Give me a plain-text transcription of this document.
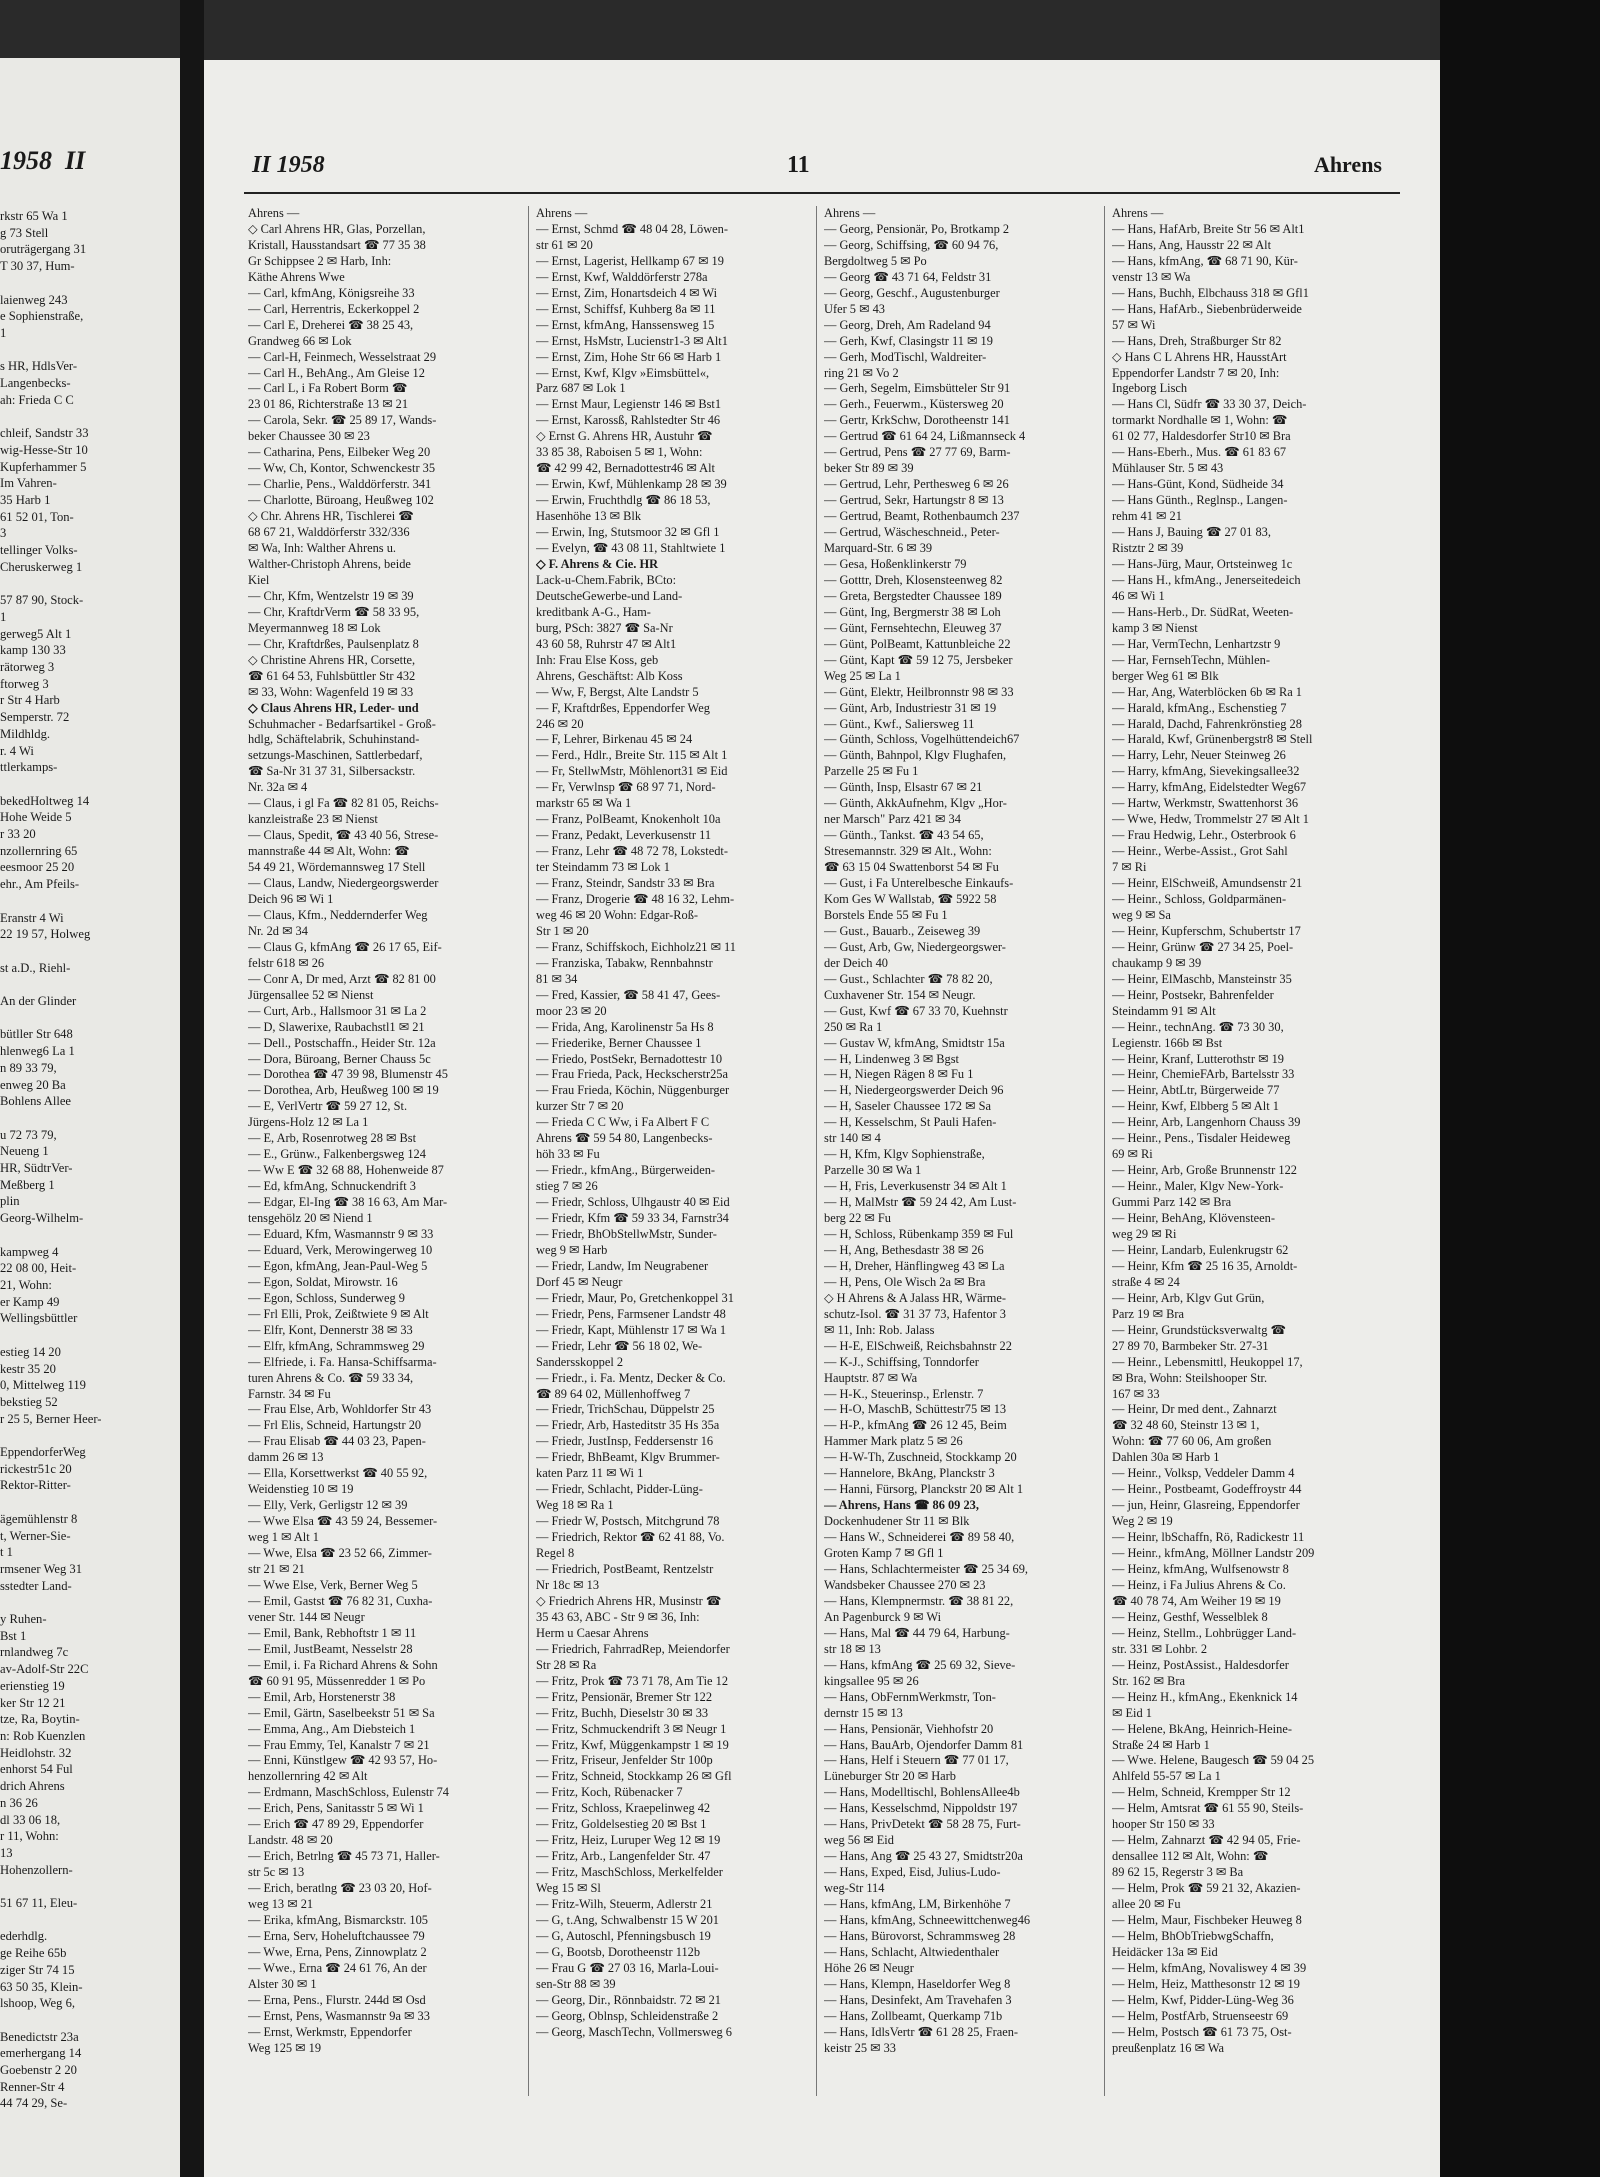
1958  II
rkstr 65 Wa 1
g 73 Stell
oruträgergang 31
T 30 37, Hum-

laienweg 243
e Sophienstraße,
1

s HR, HdlsVer-
Langenbecks-
ah: Frieda C C

chleif, Sandstr 33
wig-Hesse-Str 10
Kupferhammer 5
Im Vahren-
35 Harb 1
61 52 01, Ton-
3
tellinger Volks-
Cheruskerweg 1

57 87 90, Stock-
1
gerweg5 Alt 1
kamp 130 33
rätorweg 3
ftorweg 3
r Str 4 Harb
Semperstr. 72
Mildhldg.
r. 4 Wi
ttlerkamps-

bekedHoltweg 14
Hohe Weide 5
r 33 20
nzollernring 65
eesmoor 25 20
ehr., Am Pfeils-

Eranstr 4 Wi
22 19 57, Holweg

st a.D., Riehl-

An der Glinder

bütller Str 648
hlenweg6 La 1
n 89 33 79,
enweg 20 Ba
Bohlens Allee

u 72 73 79,
Neueng 1
HR, SüdtrVer-
Meßberg 1
plin
Georg-Wilhelm-

kampweg 4
22 08 00, Heit-
21, Wohn:
er Kamp 49
Wellingsbüttler

estieg 14 20
kestr 35 20
0, Mittelweg 119
bekstieg 52
r 25 5, Berner Heer-

EppendorferWeg
rickestr51c 20
Rektor-Ritter-

ägemühlenstr 8
t, Werner-Sie-
t 1
rmsener Weg 31
sstedter Land-

y Ruhen-
Bst 1
rnlandweg 7c
av-Adolf-Str 22C
erienstieg 19
ker Str 12 21
tze, Ra, Boytin-
n: Rob Kuenzlen
Heidlohstr. 32
enhorst 54 Ful
drich Ahrens
n 36 26
dl 33 06 18,
r 11, Wohn:
13
Hohenzollern-

51 67 11, Eleu-

ederhdlg.
ge Reihe 65b
ziger Str 74 15
63 50 35, Klein-
lshoop, Weg 6,

Benedictstr 23a
emerhergang 14
Goebenstr 2 20
Renner-Str 4
44 74 29, Se-
II 1958	11	Ahrens
Ahrens —
◇ Carl Ahrens HR, Glas, Porzellan,
Kristall, Hausstandsart ☎ 77 35 38
Gr Schippsee 2 ✉ Harb, Inh:
Käthe Ahrens Wwe
— Carl, kfmAng, Königsreihe 33
— Carl, Herrentris, Eckerkoppel 2
— Carl E, Dreherei ☎ 38 25 43,
Grandweg 66 ✉ Lok
— Carl-H, Feinmech, Wesselstraat 29
— Carl H., BehAng., Am Gleise 12
— Carl L, i Fa Robert Borm ☎
23 01 86, Richterstraße 13 ✉ 21
— Carola, Sekr. ☎ 25 89 17, Wands-
beker Chaussee 30 ✉ 23
— Catharina, Pens, Eilbeker Weg 20
— Ww, Ch, Kontor, Schwenckestr 35
— Charlie, Pens., Walddörferstr. 341
— Charlotte, Büroang, Heußweg 102
◇ Chr. Ahrens HR, Tischlerei ☎
68 67 21, Walddörferstr 332/336
✉ Wa, Inh: Walther Ahrens u.
Walther-Christoph Ahrens, beide
Kiel
— Chr, Kfm, Wentzelstr 19 ✉ 39
— Chr, KraftdrVerm ☎ 58 33 95,
Meyermannweg 18 ✉ Lok
— Chr, Kraftdrßes, Paulsenplatz 8
◇ Christine Ahrens HR, Corsette,
☎ 61 64 53, Fuhlsbüttler Str 432
✉ 33, Wohn: Wagenfeld 19 ✉ 33
◇ Claus Ahrens HR, Leder- und
Schuhmacher - Bedarfsartikel - Groß-
hdlg, Schäftelabrik, Schuhinstand-
setzungs-Maschinen, Sattlerbedarf,
☎ Sa-Nr 31 37 31, Silbersackstr.
Nr. 32a ✉ 4
— Claus, i gl Fa ☎ 82 81 05, Reichs-
kanzleistraße 23 ✉ Nienst
— Claus, Spedit, ☎ 43 40 56, Strese-
mannstraße 44 ✉ Alt, Wohn: ☎
54 49 21, Wördemannsweg 17 Stell
— Claus, Landw, Niedergeorgswerder
Deich 96 ✉ Wi 1
— Claus, Kfm., Neddernderfer Weg
Nr. 2d ✉ 34
— Claus G, kfmAng ☎ 26 17 65, Eif-
felstr 618 ✉ 26
— Conr A, Dr med, Arzt ☎ 82 81 00
Jürgensallee 52 ✉ Nienst
— Curt, Arb., Hallsmoor 31 ✉ La 2
— D, Slawerixe, Raubachstl1 ✉ 21
— Dell., Postschaffn., Heider Str. 12a
— Dora, Büroang, Berner Chauss 5c
— Dorothea ☎ 47 39 98, Blumenstr 45
— Dorothea, Arb, Heußweg 100 ✉ 19
— E, VerlVertr ☎ 59 27 12, St.
Jürgens-Holz 12 ✉ La 1
— E, Arb, Rosenrotweg 28 ✉ Bst
— E., Grünw., Falkenbergsweg 124
— Ww E ☎ 32 68 88, Hohenweide 87
— Ed, kfmAng, Schnuckendrift 3
— Edgar, El-Ing ☎ 38 16 63, Am Mar-
tensgehölz 20 ✉ Niend 1
— Eduard, Kfm, Wasmannstr 9 ✉ 33
— Eduard, Verk, Merowingerweg 10
— Egon, kfmAng, Jean-Paul-Weg 5
— Egon, Soldat, Mirowstr. 16
— Egon, Schloss, Sunderweg 9
— Frl Elli, Prok, Zeißtwiete 9 ✉ Alt
— Elfr, Kont, Dennerstr 38 ✉ 33
— Elfr, kfmAng, Schrammsweg 29
— Elfriede, i. Fa. Hansa-Schiffsarma-
turen Ahrens & Co. ☎ 59 33 34,
Farnstr. 34 ✉ Fu
— Frau Else, Arb, Wohldorfer Str 43
— Frl Elis, Schneid, Hartungstr 20
— Frau Elisab ☎ 44 03 23, Papen-
damm 26 ✉ 13
— Ella, Korsettwerkst ☎ 40 55 92,
Weidenstieg 10 ✉ 19
— Elly, Verk, Gerligstr 12 ✉ 39
— Wwe Elsa ☎ 43 59 24, Bessemer-
weg 1 ✉ Alt 1
— Wwe, Elsa ☎ 23 52 66, Zimmer-
str 21 ✉ 21
— Wwe Else, Verk, Berner Weg 5
— Emil, Gastst ☎ 76 82 31, Cuxha-
vener Str. 144 ✉ Neugr
— Emil, Bank, Rebhoftstr 1 ✉ 11
— Emil, JustBeamt, Nesselstr 28
— Emil, i. Fa Richard Ahrens & Sohn
☎ 60 91 95, Müssenredder 1 ✉ Po
— Emil, Arb, Horstenerstr 38
— Emil, Gärtn, Saselbeekstr 51 ✉ Sa
— Emma, Ang., Am Diebsteich 1
— Frau Emmy, Tel, Kanalstr 7 ✉ 21
— Enni, Künstlgew ☎ 42 93 57, Ho-
henzollernring 42 ✉ Alt
— Erdmann, MaschSchloss, Eulenstr 74
— Erich, Pens, Sanitasstr 5 ✉ Wi 1
— Erich ☎ 47 89 29, Eppendorfer
Landstr. 48 ✉ 20
— Erich, Betrlng ☎ 45 73 71, Haller-
str 5c ✉ 13
— Erich, beratlng ☎ 23 03 20, Hof-
weg 13 ✉ 21
— Erika, kfmAng, Bismarckstr. 105
— Erna, Serv, Hoheluftchaussee 79
— Wwe, Erna, Pens, Zinnowplatz 2
— Wwe., Erna ☎ 24 61 76, An der
Alster 30 ✉ 1
— Erna, Pens., Flurstr. 244d ✉ Osd
— Ernst, Pens, Wasmannstr 9a ✉ 33
— Ernst, Werkmstr, Eppendorfer
Weg 125 ✉ 19
Ahrens —
— Ernst, Schmd ☎ 48 04 28, Löwen-
str 61 ✉ 20
— Ernst, Lagerist, Hellkamp 67 ✉ 19
— Ernst, Kwf, Walddörferstr 278a
— Ernst, Zim, Honartsdeich 4 ✉ Wi
— Ernst, Schiffsf, Kuhberg 8a ✉ 11
— Ernst, kfmAng, Hanssensweg 15
— Ernst, HsMstr, Lucienstr1-3 ✉ Alt1
— Ernst, Zim, Hohe Str 66 ✉ Harb 1
— Ernst, Kwf, Klgv »Eimsbüttel«,
Parz 687 ✉ Lok 1
— Ernst Maur, Legienstr 146 ✉ Bst1
— Ernst, Karossß, Rahlstedter Str 46
◇ Ernst G. Ahrens HR, Austuhr ☎
33 85 38, Raboisen 5 ✉ 1, Wohn:
☎ 42 99 42, Bernadottestr46 ✉ Alt
— Erwin, Kwf, Mühlenkamp 28 ✉ 39
— Erwin, Fruchthdlg ☎ 86 18 53,
Hasenhöhe 13 ✉ Blk
— Erwin, Ing, Stutsmoor 32 ✉ Gfl 1
— Evelyn, ☎ 43 08 11, Stahltwiete 1
◇ F. Ahrens & Cie. HR
Lack-u-Chem.Fabrik, BCto:
DeutscheGewerbe-und Land-
kreditbank A-G., Ham-
burg, PSch: 3827 ☎ Sa-Nr
43 60 58, Ruhrstr 47 ✉ Alt1
Inh: Frau Else Koss, geb
Ahrens, Geschäftst: Alb Koss
— Ww, F, Bergst, Alte Landstr 5
— F, Kraftdrßes, Eppendorfer Weg
246 ✉ 20
— F, Lehrer, Birkenau 45 ✉ 24
— Ferd., Hdlr., Breite Str. 115 ✉ Alt 1
— Fr, StellwMstr, Möhlenort31 ✉ Eid
— Fr, Verwlnsp ☎ 68 97 71, Nord-
markstr 65 ✉ Wa 1
— Franz, PolBeamt, Knokenholt 10a
— Franz, Pedakt, Leverkusenstr 11
— Franz, Lehr ☎ 48 72 78, Lokstedt-
ter Steindamm 73 ✉ Lok 1
— Franz, Steindr, Sandstr 33 ✉ Bra
— Franz, Drogerie ☎ 48 16 32, Lehm-
weg 46 ✉ 20 Wohn: Edgar-Roß-
Str 1 ✉ 20
— Franz, Schiffskoch, Eichholz21 ✉ 11
— Franziska, Tabakw, Rennbahnstr
81 ✉ 34
— Fred, Kassier, ☎ 58 41 47, Gees-
moor 23 ✉ 20
— Frida, Ang, Karolinenstr 5a Hs 8
— Friederike, Berner Chaussee 1
— Friedo, PostSekr, Bernadottestr 10
— Frau Frieda, Pack, Heckscherstr25a
— Frau Frieda, Köchin, Nüggenburger
kurzer Str 7 ✉ 20
— Frieda C C Ww, i Fa Albert F C
Ahrens ☎ 59 54 80, Langenbecks-
höh 33 ✉ Fu
— Friedr., kfmAng., Bürgerweiden-
stieg 7 ✉ 26
— Friedr, Schloss, Ulhgaustr 40 ✉ Eid
— Friedr, Kfm ☎ 59 33 34, Farnstr34
— Friedr, BhObStellwMstr, Sunder-
weg 9 ✉ Harb
— Friedr, Landw, Im Neugrabener
Dorf 45 ✉ Neugr
— Friedr, Maur, Po, Gretchenkoppel 31
— Friedr, Pens, Farmsener Landstr 48
— Friedr, Kapt, Mühlenstr 17 ✉ Wa 1
— Friedr, Lehr ☎ 56 18 02, We-
Sandersskoppel 2
— Friedr., i. Fa. Mentz, Decker & Co.
☎ 89 64 02, Müllenhoffweg 7
— Friedr, TrichSchau, Düppelstr 25
— Friedr, Arb, Hasteditstr 35 Hs 35a
— Friedr, JustInsp, Feddersenstr 16
— Friedr, BhBeamt, Klgv Brummer-
katen Parz 11 ✉ Wi 1
— Friedr, Schlacht, Pidder-Lüng-
Weg 18 ✉ Ra 1
— Friedr W, Postsch, Mitchgrund 78
— Friedrich, Rektor ☎ 62 41 88, Vo.
Regel 8
— Friedrich, PostBeamt, Rentzelstr
Nr 18c ✉ 13
◇ Friedrich Ahrens HR, Musinstr ☎
35 43 63, ABC - Str 9 ✉ 36, Inh:
Herm u Caesar Ahrens
— Friedrich, FahrradRep, Meiendorfer
Str 28 ✉ Ra
— Fritz, Prok ☎ 73 71 78, Am Tie 12
— Fritz, Pensionär, Bremer Str 122
— Fritz, Buchh, Dieselstr 30 ✉ 33
— Fritz, Schmuckendrift 3 ✉ Neugr 1
— Fritz, Kwf, Müggenkampstr 1 ✉ 19
— Fritz, Friseur, Jenfelder Str 100p
— Fritz, Schneid, Stockkamp 26 ✉ Gfl
— Fritz, Koch, Rübenacker 7
— Fritz, Schloss, Kraepelinweg 42
— Fritz, Goldelsestieg 20 ✉ Bst 1
— Fritz, Heiz, Luruper Weg 12 ✉ 19
— Fritz, Arb., Langenfelder Str. 47
— Fritz, MaschSchloss, Merkelfelder
Weg 15 ✉ Sl
— Fritz-Wilh, Steuerm, Adlerstr 21
— G, t.Ang, Schwalbenstr 15 W 201
— G, Autoschl, Pfenningsbusch 19
— G, Bootsb, Dorotheenstr 112b
— Frau G ☎ 27 03 16, Marla-Loui-
sen-Str 88 ✉ 39
— Georg, Dir., Rönnbaidstr. 72 ✉ 21
— Georg, Oblnsp, Schleidenstraße 2
— Georg, MaschTechn, Vollmersweg 6
Ahrens —
— Georg, Pensionär, Po, Brotkamp 2
— Georg, Schiffsing, ☎ 60 94 76,
Bergdoltweg 5 ✉ Po
— Georg ☎ 43 71 64, Feldstr 31
— Georg, Geschf., Augustenburger
Ufer 5 ✉ 43
— Georg, Dreh, Am Radeland 94
— Gerh, Kwf, Clasingstr 11 ✉ 19
— Gerh, ModTischl, Waldreiter-
ring 21 ✉ Vo 2
— Gerh, Segelm, Eimsbütteler Str 91
— Gerh., Feuerwm., Küstersweg 20
— Gertr, KrkSchw, Dorotheenstr 141
— Gertrud ☎ 61 64 24, Lißmannseck 4
— Gertrud, Pens ☎ 27 77 69, Barm-
beker Str 89 ✉ 39
— Gertrud, Lehr, Perthesweg 6 ✉ 26
— Gertrud, Sekr, Hartungstr 8 ✉ 13
— Gertrud, Beamt, Rothenbaumch 237
— Gertrud, Wäscheschneid., Peter-
Marquard-Str. 6 ✉ 39
— Gesa, Hoßenklinkerstr 79
— Gotttr, Dreh, Klosensteenweg 82
— Greta, Bergstedter Chaussee 189
— Günt, Ing, Bergmerstr 38 ✉ Loh
— Günt, Fernsehtechn, Eleuweg 37
— Günt, PolBeamt, Kattunbleiche 22
— Günt, Kapt ☎ 59 12 75, Jersbeker
Weg 25 ✉ La 1
— Günt, Elektr, Heilbronnstr 98 ✉ 33
— Günt, Arb, Industriestr 31 ✉ 19
— Günt., Kwf., Saliersweg 11
— Günth, Schloss, Vogelhüttendeich67
— Günth, Bahnpol, Klgv Flughafen,
Parzelle 25 ✉ Fu 1
— Günth, Insp, Elsastr 67 ✉ 21
— Günth, AkkAufnehm, Klgv „Hor-
ner Marsch" Parz 421 ✉ 34
— Günth., Tankst. ☎ 43 54 65,
Stresemannstr. 329 ✉ Alt., Wohn:
☎ 63 15 04 Swattenborst 54 ✉ Fu
— Gust, i Fa Unterelbesche Einkaufs-
Kom Ges W Wallstab, ☎ 5922 58
Borstels Ende 55 ✉ Fu 1
— Gust., Bauarb., Zeiseweg 39
— Gust, Arb, Gw, Niedergeorgswer-
der Deich 40
— Gust., Schlachter ☎ 78 82 20,
Cuxhavener Str. 154 ✉ Neugr.
— Gust, Kwf ☎ 67 33 70, Kuehnstr
250 ✉ Ra 1
— Gustav W, kfmAng, Smidtstr 15a
— H, Lindenweg 3 ✉ Bgst
— H, Niegen Rägen 8 ✉ Fu 1
— H, Niedergeorgswerder Deich 96
— H, Saseler Chaussee 172 ✉ Sa
— H, Kesselschm, St Pauli Hafen-
str 140 ✉ 4
— H, Kfm, Klgv Sophienstraße,
Parzelle 30 ✉ Wa 1
— H, Fris, Leverkusenstr 34 ✉ Alt 1
— H, MalMstr ☎ 59 24 42, Am Lust-
berg 22 ✉ Fu
— H, Schloss, Rübenkamp 359 ✉ Ful
— H, Ang, Bethesdastr 38 ✉ 26
— H, Dreher, Hänflingweg 43 ✉ La
— H, Pens, Ole Wisch 2a ✉ Bra
◇ H Ahrens & A Jalass HR, Wärme-
schutz-Isol. ☎ 31 37 73, Hafentor 3
✉ 11, Inh: Rob. Jalass
— H-E, ElSchweiß, Reichsbahnstr 22
— K-J., Schiffsing, Tonndorfer
Hauptstr. 87 ✉ Wa
— H-K., Steuerinsp., Erlenstr. 7
— H-O, MaschB, Schüttestr75 ✉ 13
— H-P., kfmAng ☎ 26 12 45, Beim
Hammer Mark platz 5 ✉ 26
— H-W-Th, Zuschneid, Stockkamp 20
— Hannelore, BkAng, Planckstr 3
— Hanni, Fürsorg, Planckstr 20 ✉ Alt 1
— Ahrens, Hans ☎ 86 09 23,
Dockenhudener Str 11 ✉ Blk
— Hans W., Schneiderei ☎ 89 58 40,
Groten Kamp 7 ✉ Gfl 1
— Hans, Schlachtermeister ☎ 25 34 69,
Wandsbeker Chaussee 270 ✉ 23
— Hans, Klempnermstr. ☎ 38 81 22,
An Pagenburck 9 ✉ Wi
— Hans, Mal ☎ 44 79 64, Harbung-
str 18 ✉ 13
— Hans, kfmAng ☎ 25 69 32, Sieve-
kingsallee 95 ✉ 26
— Hans, ObFernmWerkmstr, Ton-
dernstr 15 ✉ 13
— Hans, Pensionär, Viehhofstr 20
— Hans, BauArb, Ojendorfer Damm 81
— Hans, Helf i Steuern ☎ 77 01 17,
Lüneburger Str 20 ✉ Harb
— Hans, Modelltischl, BohlensAllee4b
— Hans, Kesselschmd, Nippoldstr 197
— Hans, PrivDetekt ☎ 58 28 75, Furt-
weg 56 ✉ Eid
— Hans, Ang ☎ 25 43 27, Smidtstr20a
— Hans, Exped, Eisd, Julius-Ludo-
weg-Str 114
— Hans, kfmAng, LM, Birkenhöhe 7
— Hans, kfmAng, Schneewittchenweg46
— Hans, Bürovorst, Schrammsweg 28
— Hans, Schlacht, Altwiedenthaler
Höhe 26 ✉ Neugr
— Hans, Klempn, Haseldorfer Weg 8
— Hans, Desinfekt, Am Travehafen 3
— Hans, Zollbeamt, Querkamp 71b
— Hans, IdlsVertr ☎ 61 28 25, Fraen-
keistr 25 ✉ 33
Ahrens —
— Hans, HafArb, Breite Str 56 ✉ Alt1
— Hans, Ang, Hausstr 22 ✉ Alt
— Hans, kfmAng, ☎ 68 71 90, Kür-
venstr 13 ✉ Wa
— Hans, Buchh, Elbchauss 318 ✉ Gfl1
— Hans, HafArb., Siebenbrüderweide
57 ✉ Wi
— Hans, Dreh, Straßburger Str 82
◇ Hans C L Ahrens HR, HausstArt
Eppendorfer Landstr 7 ✉ 20, Inh:
Ingeborg Lisch
— Hans Cl, Südfr ☎ 33 30 37, Deich-
tormarkt Nordhalle ✉ 1, Wohn: ☎
61 02 77, Haldesdorfer Str10 ✉ Bra
— Hans-Eberh., Mus. ☎ 61 83 67
Mühlauser Str. 5 ✉ 43
— Hans-Günt, Kond, Südheide 34
— Hans Günth., Reglnsp., Langen-
rehm 41 ✉ 21
— Hans J, Bauing ☎ 27 01 83,
Ristztr 2 ✉ 39
— Hans-Jürg, Maur, Ortsteinweg 1c
— Hans H., kfmAng., Jenerseitedeich
46 ✉ Wi 1
— Hans-Herb., Dr. SüdRat, Weeten-
kamp 3 ✉ Nienst
— Har, VermTechn, Lenhartzstr 9
— Har, FernsehTechn, Mühlen-
berger Weg 61 ✉ Blk
— Har, Ang, Waterblöcken 6b ✉ Ra 1
— Harald, kfmAng., Eschenstieg 7
— Harald, Dachd, Fahrenkrönstieg 28
— Harald, Kwf, Grünenbergstr8 ✉ Stell
— Harry, Lehr, Neuer Steinweg 26
— Harry, kfmAng, Sievekingsallee32
— Harry, kfmAng, Eidelstedter Weg67
— Hartw, Werkmstr, Swattenhorst 36
— Wwe, Hedw, Trommelstr 27 ✉ Alt 1
— Frau Hedwig, Lehr., Osterbrook 6
— Heinr., Werbe-Assist., Grot Sahl
7 ✉ Ri
— Heinr, ElSchweiß, Amundsenstr 21
— Heinr., Schloss, Goldparmänen-
weg 9 ✉ Sa
— Heinr, Kupferschm, Schubertstr 17
— Heinr, Grünw ☎ 27 34 25, Poel-
chaukamp 9 ✉ 39
— Heinr, ElMaschb, Mansteinstr 35
— Heinr, Postsekr, Bahrenfelder
Steindamm 91 ✉ Alt
— Heinr., technAng. ☎ 73 30 30,
Legienstr. 166b ✉ Bst
— Heinr, Kranf, Lutterothstr ✉ 19
— Heinr, ChemieFArb, Bartelsstr 33
— Heinr, AbtLtr, Bürgerweide 77
— Heinr, Kwf, Elbberg 5 ✉ Alt 1
— Heinr, Arb, Langenhorn Chauss 39
— Heinr., Pens., Tisdaler Heideweg
69 ✉ Ri
— Heinr, Arb, Große Brunnenstr 122
— Heinr., Maler, Klgv New-York-
Gummi Parz 142 ✉ Bra
— Heinr, BehAng, Klövensteen-
weg 29 ✉ Ri
— Heinr, Landarb, Eulenkrugstr 62
— Heinr, Kfm ☎ 25 16 35, Arnoldt-
straße 4 ✉ 24
— Heinr, Arb, Klgv Gut Grün,
Parz 19 ✉ Bra
— Heinr, Grundstücksverwaltg ☎
27 89 70, Barmbeker Str. 27-31
— Heinr., Lebensmittl, Heukoppel 17,
✉ Bra, Wohn: Steilshooper Str.
167 ✉ 33
— Heinr, Dr med dent., Zahnarzt
☎ 32 48 60, Steinstr 13 ✉ 1,
Wohn: ☎ 77 60 06, Am großen
Dahlen 30a ✉ Harb 1
— Heinr., Volksp, Veddeler Damm 4
— Heinr., Postbeamt, Godeffroystr 44
— jun, Heinr, Glasreing, Eppendorfer
Weg 2 ✉ 19
— Heinr, lbSchaffn, Rö, Radickestr 11
— Heinr., kfmAng, Möllner Landstr 209
— Heinz, kfmAng, Wulfsenowstr 8
— Heinz, i Fa Julius Ahrens & Co.
☎ 40 78 74, Am Weiher 19 ✉ 19
— Heinz, Gesthf, Wesselblek 8
— Heinz, Stellm., Lohbrügger Land-
str. 331 ✉ Lohbr. 2
— Heinz, PostAssist., Haldesdorfer
Str. 162 ✉ Bra
— Heinz H., kfmAng., Ekenknick 14
✉ Eid 1
— Helene, BkAng, Heinrich-Heine-
Straße 24 ✉ Harb 1
— Wwe. Helene, Baugesch ☎ 59 04 25
Ahlfeld 55-57 ✉ La 1
— Helm, Schneid, Krempper Str 12
— Helm, Amtsrat ☎ 61 55 90, Steils-
hooper Str 150 ✉ 33
— Helm, Zahnarzt ☎ 42 94 05, Frie-
densallee 112 ✉ Alt, Wohn: ☎
89 62 15, Regerstr 3 ✉ Ba
— Helm, Prok ☎ 59 21 32, Akazien-
allee 20 ✉ Fu
— Helm, Maur, Fischbeker Heuweg 8
— Helm, BhObTriebwgSchaffn,
Heidäcker 13a ✉ Eid
— Helm, kfmAng, Novaliswey 4 ✉ 39
— Helm, Heiz, Matthesonstr 12 ✉ 19
— Helm, Kwf, Pidder-Lüng-Weg 36
— Helm, PostfArb, Struenseestr 69
— Helm, Postsch ☎ 61 73 75, Ost-
preußenplatz 16 ✉ Wa
